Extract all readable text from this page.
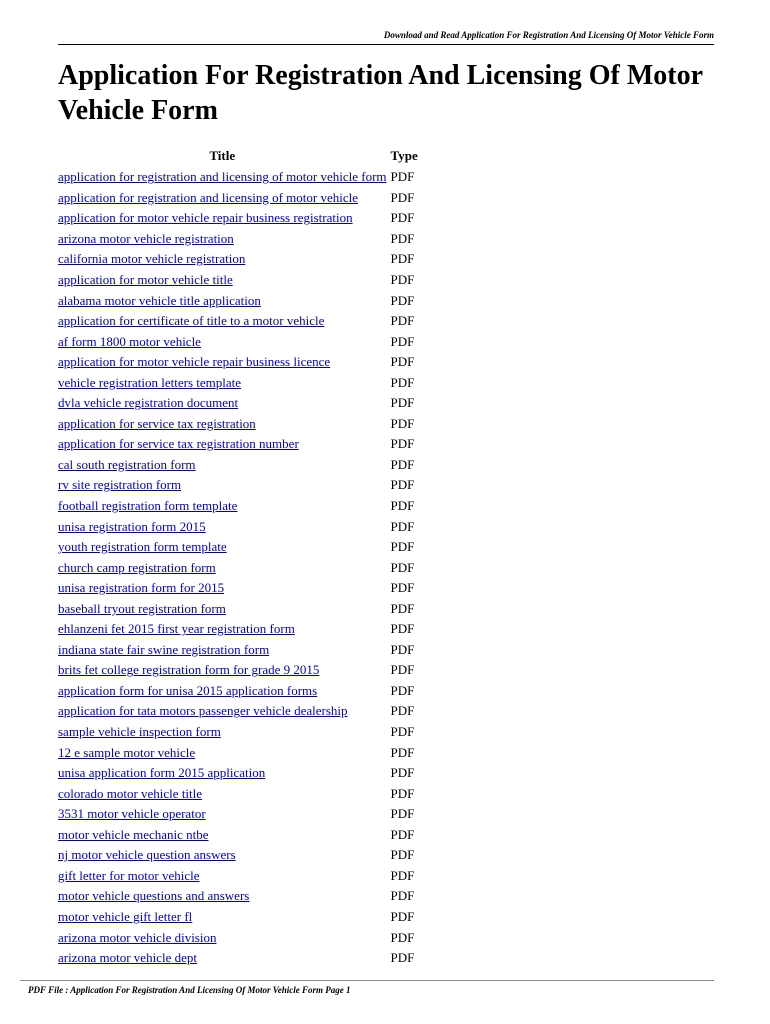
Download and Read Application For Registration And Licensing Of Motor Vehicle Form
Application For Registration And Licensing Of Motor Vehicle Form
Title	Type
application for registration and licensing of motor vehicle form	PDF
application for registration and licensing of motor vehicle	PDF
application for motor vehicle repair business registration	PDF
arizona motor vehicle registration	PDF
california motor vehicle registration	PDF
application for motor vehicle title	PDF
alabama motor vehicle title application	PDF
application for certificate of title to a motor vehicle	PDF
af form 1800 motor vehicle	PDF
application for motor vehicle repair business licence	PDF
vehicle registration letters template	PDF
dvla vehicle registration document	PDF
application for service tax registration	PDF
application for service tax registration number	PDF
cal south registration form	PDF
rv site registration form	PDF
football registration form template	PDF
unisa registration form 2015	PDF
youth registration form template	PDF
church camp registration form	PDF
unisa registration form for 2015	PDF
baseball tryout registration form	PDF
ehlanzeni fet 2015 first year registration form	PDF
indiana state fair swine registration form	PDF
brits fet college registration form for grade 9 2015	PDF
application form for unisa 2015 application forms	PDF
application for tata motors passenger vehicle dealership	PDF
sample vehicle inspection form	PDF
12 e sample motor vehicle	PDF
unisa application form 2015 application	PDF
colorado motor vehicle title	PDF
3531 motor vehicle operator	PDF
motor vehicle mechanic ntbe	PDF
nj motor vehicle question answers	PDF
gift letter for motor vehicle	PDF
motor vehicle questions and answers	PDF
motor vehicle gift letter fl	PDF
arizona motor vehicle division	PDF
arizona motor vehicle dept	PDF
PDF File : Application For Registration And Licensing Of Motor Vehicle Form Page 1
